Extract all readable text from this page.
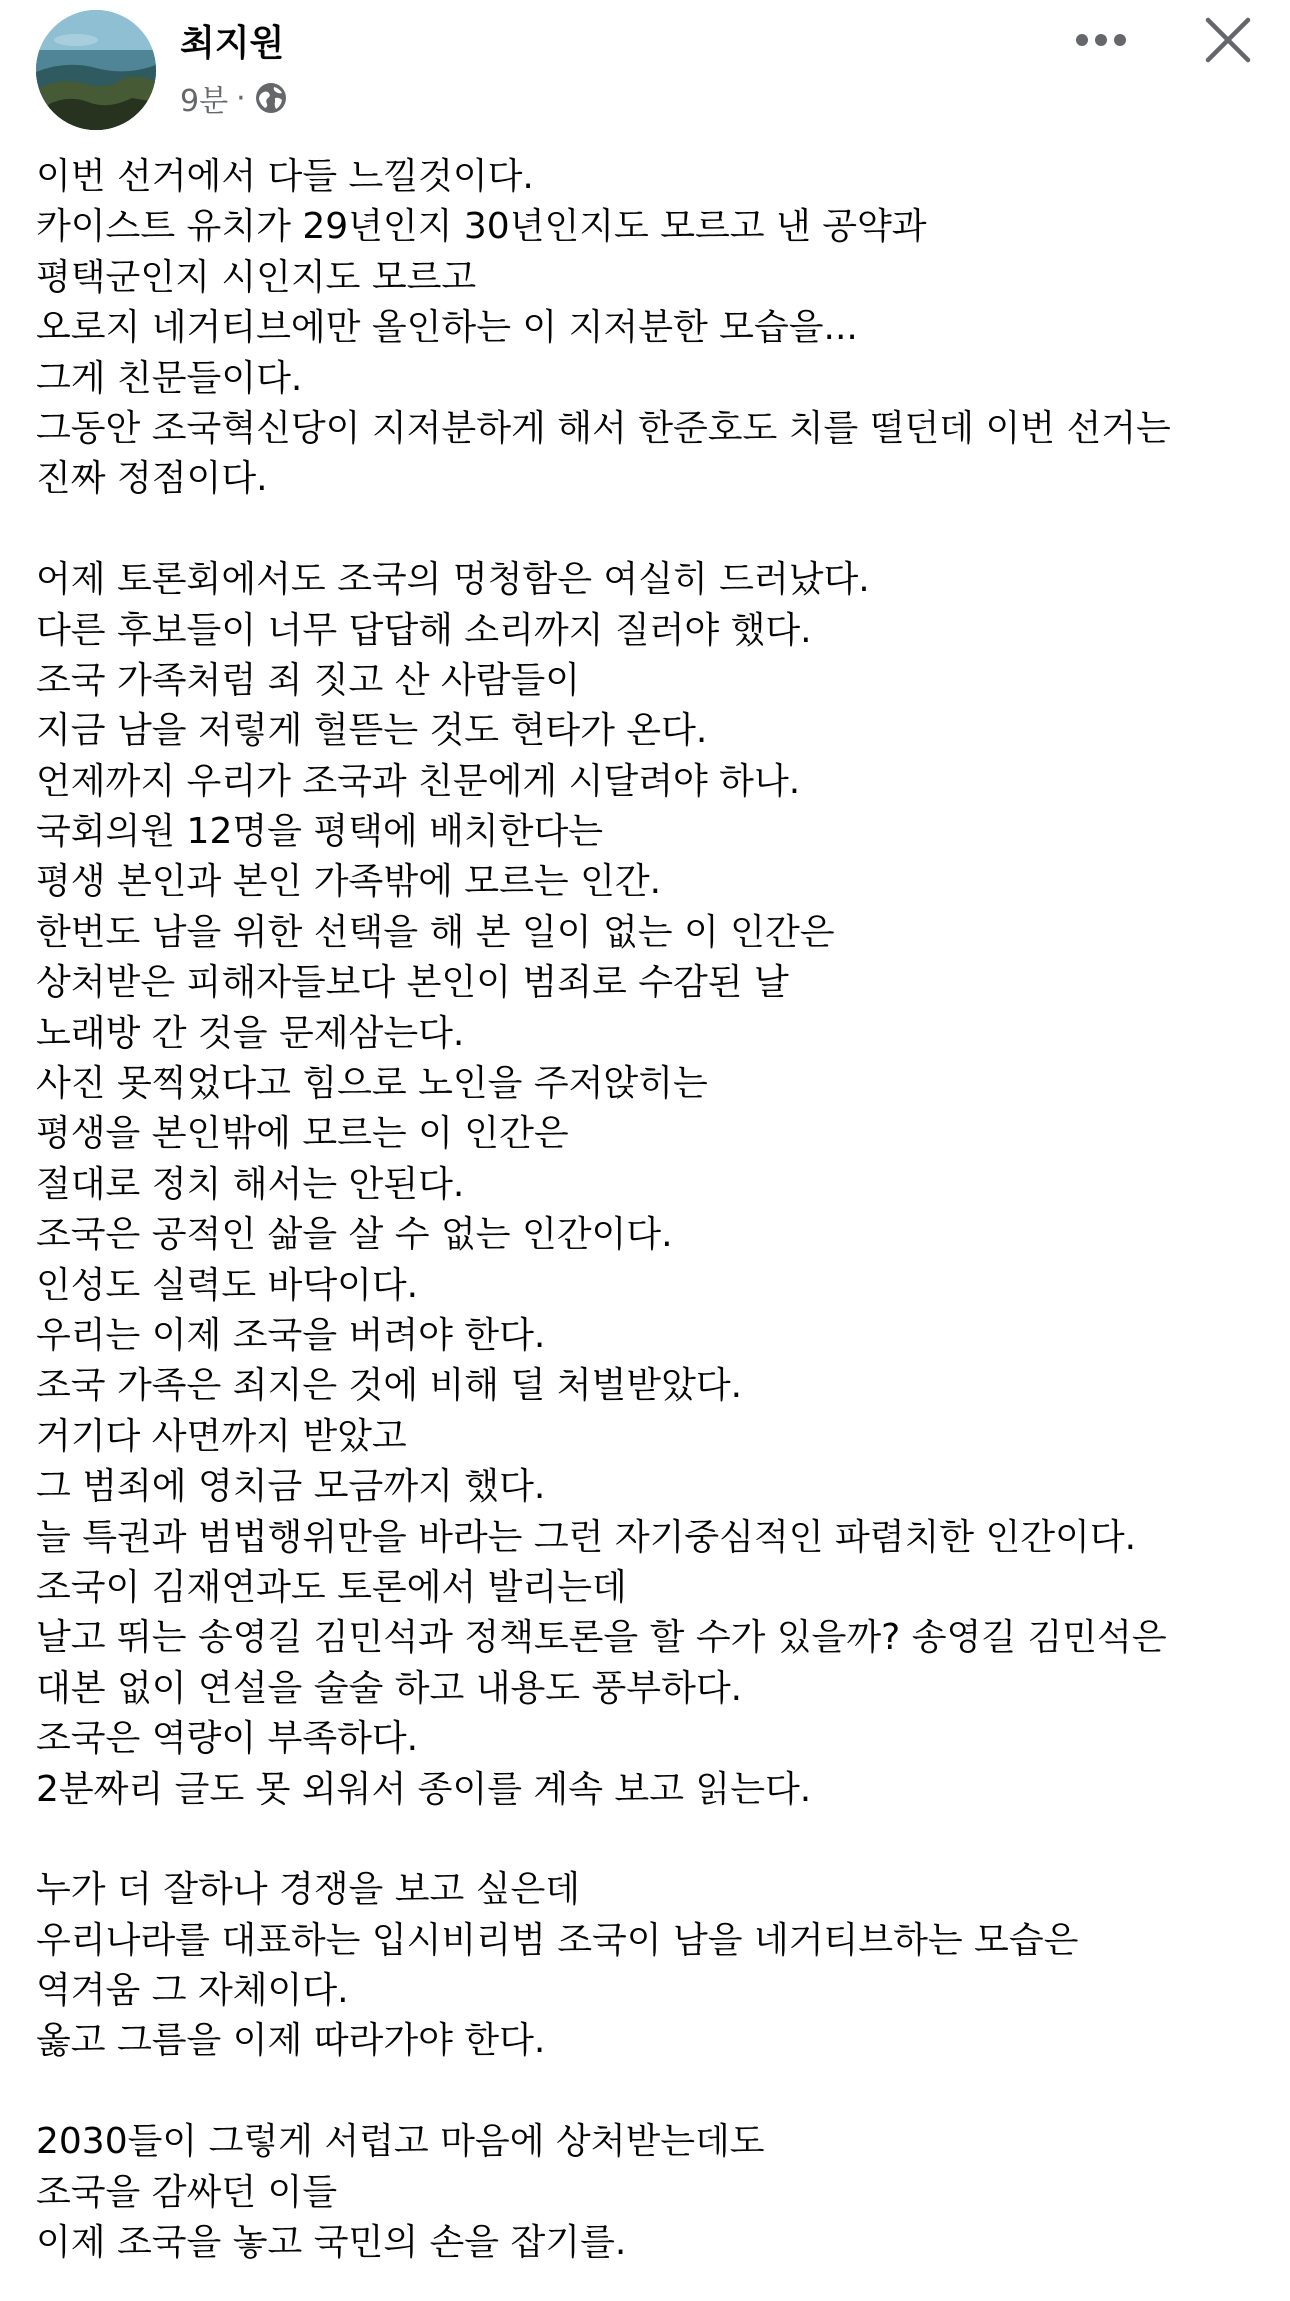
최지원
9분 ·
이번 선거에서 다들 느낄것이다.
카이스트 유치가 29년인지 30년인지도 모르고 낸 공약과
평택군인지 시인지도 모르고
오로지 네거티브에만 올인하는 이 지저분한 모습을...
그게 친문들이다.
그동안 조국혁신당이 지저분하게 해서 한준호도 치를 떨던데 이번 선거는
진짜 정점이다.
어제 토론회에서도 조국의 멍청함은 여실히 드러났다.
다른 후보들이 너무 답답해 소리까지 질러야 했다.
조국 가족처럼 죄 짓고 산 사람들이
지금 남을 저렇게 헐뜯는 것도 현타가 온다.
언제까지 우리가 조국과 친문에게 시달려야 하나.
국회의원 12명을 평택에 배치한다는
평생 본인과 본인 가족밖에 모르는 인간.
한번도 남을 위한 선택을 해 본 일이 없는 이 인간은
상처받은 피해자들보다 본인이 범죄로 수감된 날
노래방 간 것을 문제삼는다.
사진 못찍었다고 힘으로 노인을 주저앉히는
평생을 본인밖에 모르는 이 인간은
절대로 정치 해서는 안된다.
조국은 공적인 삶을 살 수 없는 인간이다.
인성도 실력도 바닥이다.
우리는 이제 조국을 버려야 한다.
조국 가족은 죄지은 것에 비해 덜 처벌받았다.
거기다 사면까지 받았고
그 범죄에 영치금 모금까지 했다.
늘 특권과 범법행위만을 바라는 그런 자기중심적인 파렴치한 인간이다.
조국이 김재연과도 토론에서 발리는데
날고 뛰는 송영길 김민석과 정책토론을 할 수가 있을까? 송영길 김민석은
대본 없이 연설을 술술 하고 내용도 풍부하다.
조국은 역량이 부족하다.
2분짜리 글도 못 외워서 종이를 계속 보고 읽는다.
누가 더 잘하나 경쟁을 보고 싶은데
우리나라를 대표하는 입시비리범 조국이 남을 네거티브하는 모습은
역겨움 그 자체이다.
옳고 그름을 이제 따라가야 한다.
2030들이 그렇게 서럽고 마음에 상처받는데도
조국을 감싸던 이들
이제 조국을 놓고 국민의 손을 잡기를.
